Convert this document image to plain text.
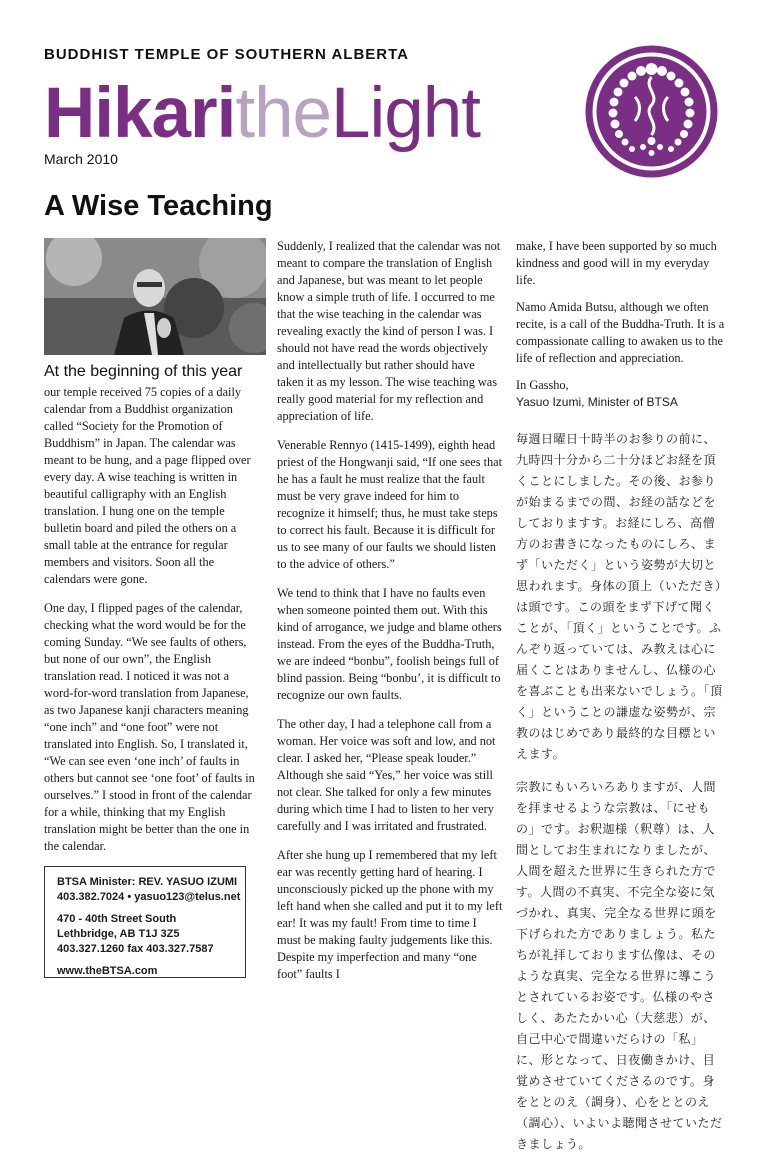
BUDDHIST TEMPLE OF SOUTHERN ALBERTA
HikaritheLight
March 2010
A Wise Teaching
At the beginning of this year

our temple received 75 copies of a daily calendar from a Buddhist organization called “Society for the Promotion of Buddhism” in Japan. The calendar was meant to be hung, and a page flipped over every day. A wise teaching is written in beautiful calligraphy with an English translation. I hung one on the temple bulletin board and piled the others on a small table at the entrance for regular members and visitors. Soon all the calendars were gone.

One day, I flipped pages of the calendar, checking what the word would be for the coming Sunday. “We see faults of others, but none of our own”, the English translation read. I noticed it was not a word-for-word translation from Japanese, as two Japanese kanji characters meaning “one inch” and “one foot” were not translated into English. So, I translated it, “We can see even ‘one inch’ of faults in others but cannot see ‘one foot’ of faults in ourselves.” I stood in front of the calendar for a while, thinking that my English translation might be better than the one in the calendar.

BTSA Minister: REV. YASUO IZUMI
403.382.7024 • yasuo123@telus.net
470 - 40th Street South
Lethbridge, AB T1J 3Z5
403.327.1260 fax 403.327.7587
www.theBTSA.com

Suddenly, I realized that the calendar was not meant to compare the translation of English and Japanese, but was meant to let people know a simple truth of life. I occurred to me that the wise teaching in the calendar was revealing exactly the kind of person I was. I should not have read the words objectively and intellectually but rather should have taken it as my lesson. The wise teaching was really good material for my reflection and appreciation of life.

Venerable Rennyo (1415-1499), eighth head priest of the Hongwanji said, “If one sees that he has a fault he must realize that the fault must be very grave indeed for him to recognize it himself; thus, he must take steps to correct his fault. Because it is difficult for us to see many of our faults we should listen to the advice of others.”

We tend to think that I have no faults even when someone pointed them out. With this kind of arrogance, we judge and blame others instead. From the eyes of the Buddha-Truth, we are indeed “bonbu”, foolish beings full of blind passion. Being “bonbu’, it is difficult to recognize our own faults.

The other day, I had a telephone call from a woman. Her voice was soft and low, and not clear. I asked her, “Please speak louder.” Although she said “Yes,” her voice was still not clear. She talked for only a few minutes during which time I had to listen to her very carefully and I was irritated and frustrated.

After she hung up I remembered that my left ear was recently getting hard of hearing. I unconsciously picked up the phone with my left hand when she called and put it to my left ear! It was my fault! From time to time I must be making faulty judgements like this. Despite my imperfection and many “one foot” faults I

make, I have been supported by so much kindness and good will in my everyday life.

Namo Amida Butsu, although we often recite, is a call of the Buddha-Truth. It is a compassionate calling to awaken us to the life of reflection and appreciation.

In Gassho,

Yasuo Izumi, Minister of BTSA

毎週日曜日十時半のお参りの前に、九時四十分から二十分ほどお経を頂くことにしました。その後、お参りが始まるまでの間、お経の話などをしておりますす。お経にしろ、高僧方のお書きになったものにしろ、まず「いただく」という姿勢が大切と思われます。身体の頂上（いただき）は頭です。この頭をまず下げて聞くことが、「頂く」ということです。ふんぞり返っていては、み教えは心に届くことはありませんし、仏様の心を喜ぶことも出来ないでしょう。「頂く」ということの謙虚な姿勢が、宗教のはじめであり最終的な目標といえます。

宗教にもいろいろありますが、人間を拝ませるような宗教は、「にせもの」です。お釈迦様（釈尊）は、人間としてお生まれになりましたが、人間を超えた世界に生きられた方です。人間の不真実、不完全な姿に気づかれ、真実、完全なる世界に頭を下げられた方でありましょう。私たちが礼拝しております仏像は、そのような真実、完全なる世界に導こうとされているお姿です。仏様のやさしく、あたたかい心（大慈悲）が、自己中心で間違いだらけの「私」に、形となって、日夜働きかけ、目覚めさせていてくださるのです。身をととのえ（調身）、心をととのえ（調心）、いよいよ聴聞させていただきましょう。
